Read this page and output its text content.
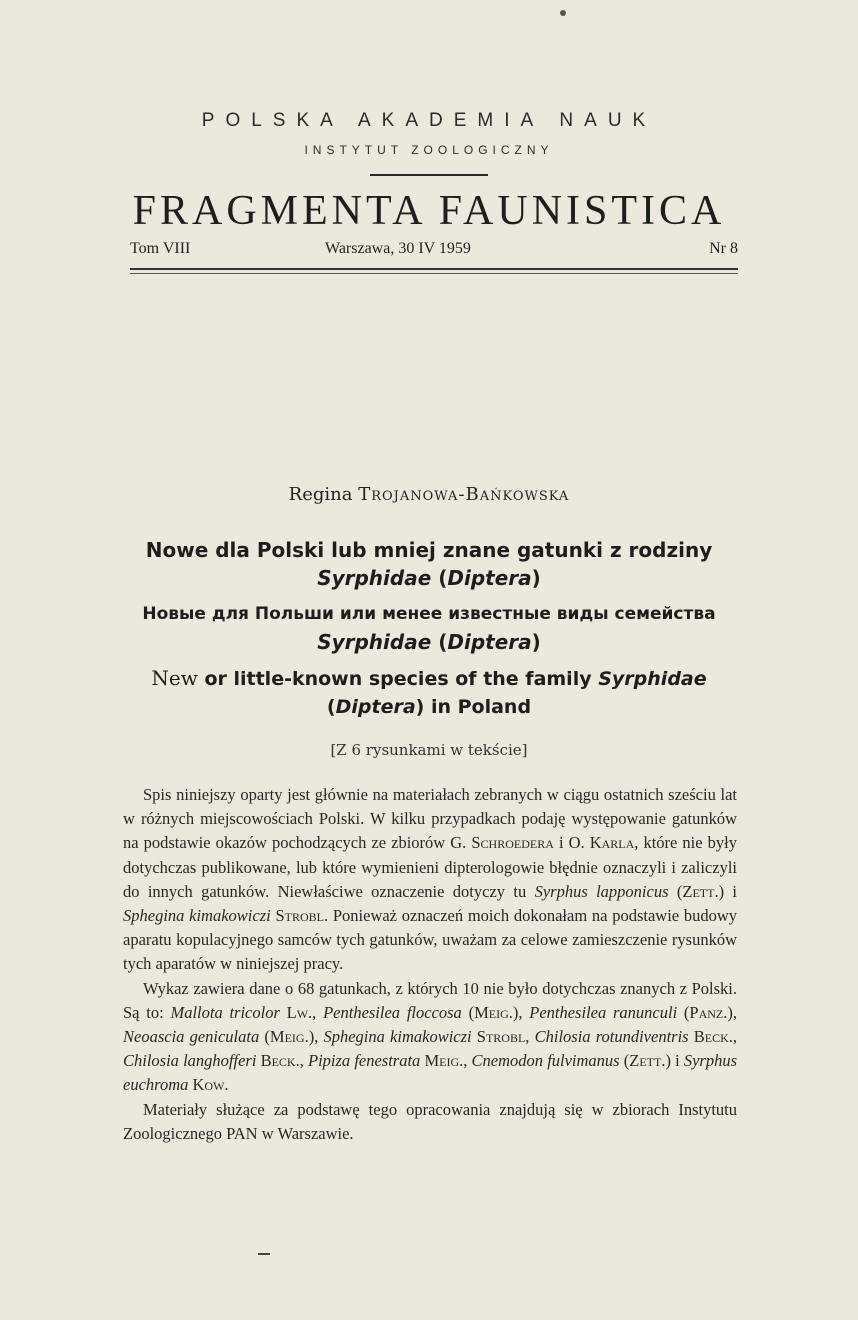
POLSKA AKADEMIA NAUK
INSTYTUT ZOOLOGICZNY
FRAGMENTA FAUNISTICA
Tom VIII	Warszawa, 30 IV 1959	Nr 8
Regina Trojanowa-Bańkowska
Nowe dla Polski lub mniej znane gatunki z rodziny
Syrphidae (Diptera)
Новые для Польши или менее известные виды семейства
Syrphidae (Diptera)
New or little-known species of the family Syrphidae
(Diptera) in Poland
[Z 6 rysunkami w tekście]

Spis niniejszy oparty jest głównie na materiałach zebranych w ciągu ostatnich sześciu lat w różnych miejscowościach Polski. W kilku przypadkach podaję występowanie gatunków na podstawie okazów pochodzących ze zbiorów G. Schroedera i O. Karla, które nie były dotychczas publikowane, lub które wymienieni dipterologowie błędnie oznaczyli i zaliczyli do innych gatunków. Niewłaściwe oznaczenie dotyczy tu Syrphus lapponicus (Zett.) i Sphegina kimakowiczi Strobl. Ponieważ oznaczeń moich dokonałam na podstawie budowy aparatu kopulacyjnego samców tych gatunków, uważam za celowe zamieszczenie rysunków tych aparatów w niniejszej pracy.

Wykaz zawiera dane o 68 gatunkach, z których 10 nie było dotychczas znanych z Polski. Są to: Mallota tricolor Lw., Penthesilea floccosa (Meig.), Penthesilea ranunculi (Panz.), Neoascia geniculata (Meig.), Sphegina kimakowiczi Strobl, Chilosia rotundiventris Beck., Chilosia langhofferi Beck., Pipiza fenestrata Meig., Cnemodon fulvimanus (Zett.) i Syrphus euchroma Kow.

Materiały służące za podstawę tego opracowania znajdują się w zbiorach Instytutu Zoologicznego PAN w Warszawie.
